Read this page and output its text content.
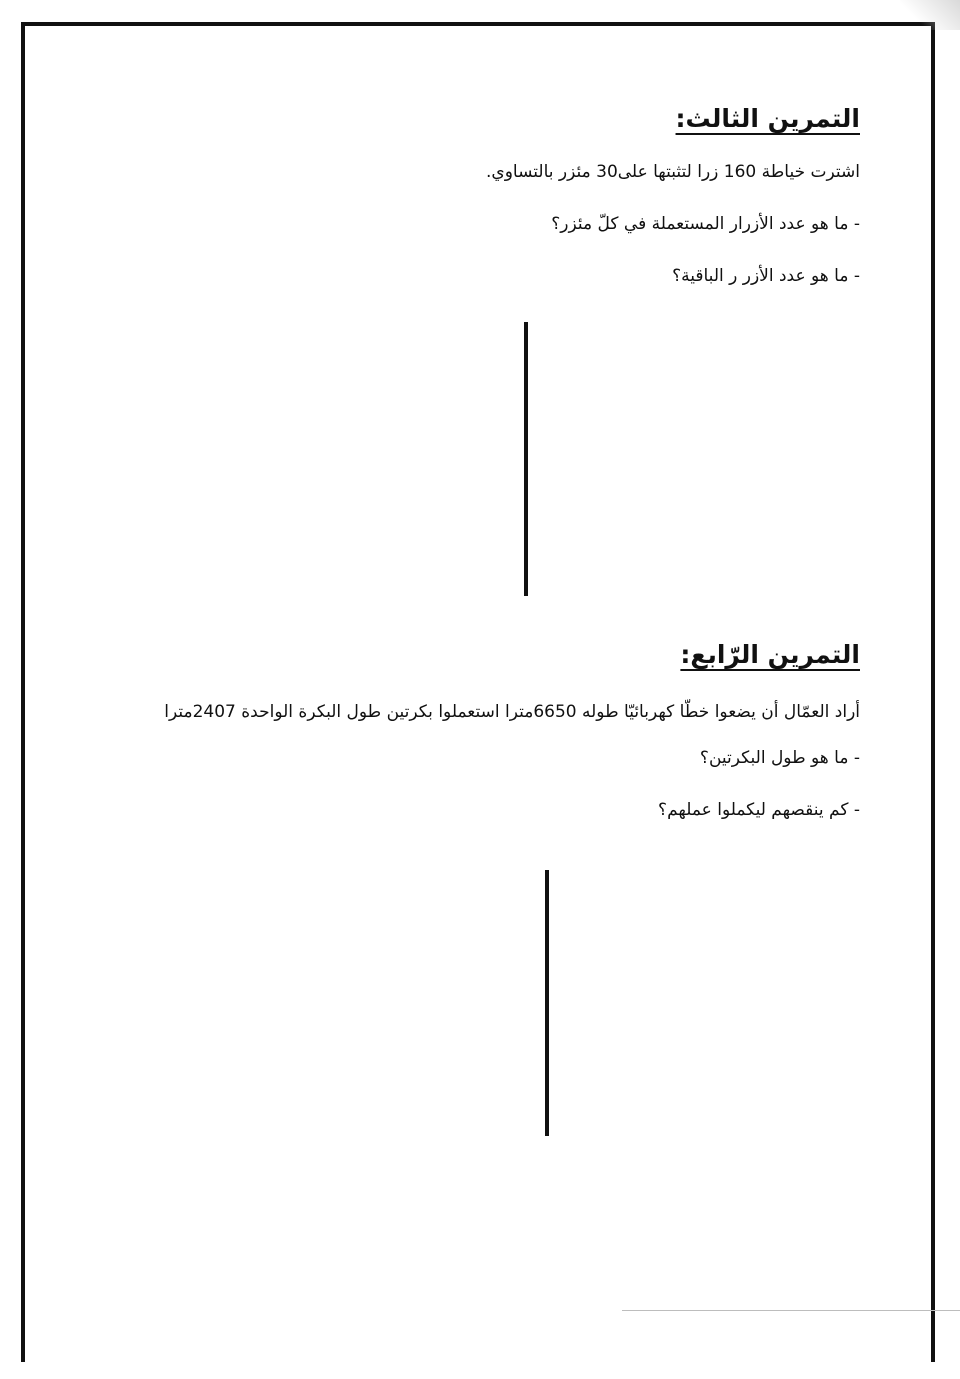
التمرين الثالث:

اشترت خياطة 160 زرا لتثبتها على30 مئزر بالتساوي.

- ما هو عدد الأزرار المستعملة في كلّ مئزر؟

- ما هو عدد الأزر ر الباقية؟

التمرين الرّابع:

أراد العمّال أن يضعوا خطّا كهربائيّا طوله 6650مترا استعملوا بكرتين طول البكرة الواحدة 2407مترا

- ما هو طول البكرتين؟

- كم ينقصهم ليكملوا عملهم؟
